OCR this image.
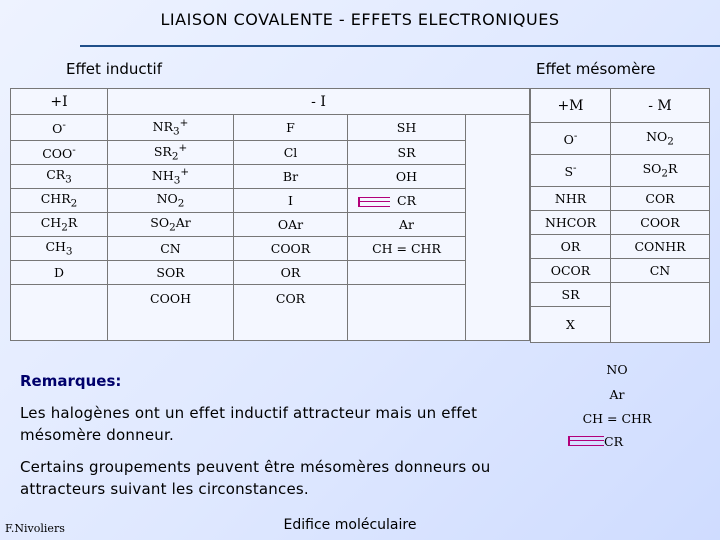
LIAISON COVALENTE - EFFETS ELECTRONIQUES
Effet inductif	Effet mésomère
+I	- I			
O-	$NR_3^+$	F	SH	
COO-	$SR_2^+$	Cl	SR	
$CR_3$	$NH_3^+$	Br	OH	
$CHR_2$	$NO_2$	I	CR	
$CH_2R$	$SO_2Ar$	OAr	Ar	
$CH_3$	CN	COOR	CH = CHR	
D	SOR	OR		
	COOH	COR		
+M	- M
O-	$NO_2$
S-	$SO_2R$
NHR	COR
NHCOR	COOR
OR	CONHR
OCOR	CN
SR	
X	
NO
Ar
CH = CHR
CR
Remarques:
Les halogènes ont un effet inductif attracteur mais un effet mésomère donneur.
Certains groupements peuvent être mésomères donneurs ou attracteurs suivant les circonstances.
F.Nivoliers	Edifice moléculaire
